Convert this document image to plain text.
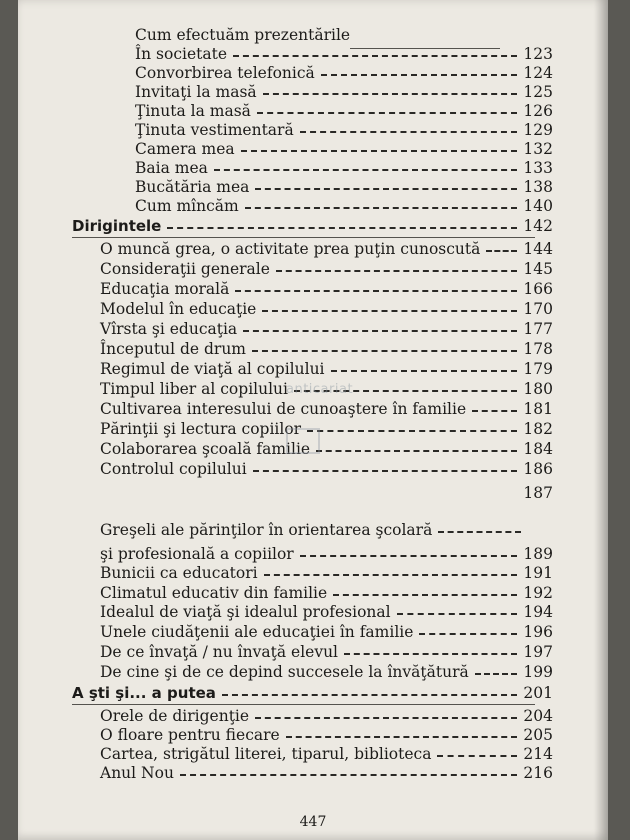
Cum efectuăm prezentările
În societate	123
Convorbirea telefonică	124
Invitaţi la masă	125
Ţinuta la masă	126
Ţinuta vestimentară	129
Camera mea	132
Baia mea	133
Bucătăria mea	138
Cum mîncăm	140
Dirigintele	142
O muncă grea, o activitate prea puţin cunoscută	144
Consideraţii generale	145
Educaţia morală	166
Modelul în educaţie	170
Vîrsta şi educaţia	177
Începutul de drum	178
Regimul de viaţă al copilului	179
Timpul liber al copilului	180
Cultivarea interesului de cunoaştere în familie	181
Părinţii şi lectura copiilor	182
Colaborarea şcoală familie	184
Controlul copilului	186
187
Greşeli ale părinţilor în orientarea şcolară
şi profesională a copiilor	189
Bunicii ca educatori	191
Climatul educativ din familie	192
Idealul de viaţă şi idealul profesional	194
Unele ciudăţenii ale educaţiei în familie	196
De ce învaţă / nu învaţă elevul	197
De cine şi de ce depind succesele la învăţătură	199
A şti şi... a putea	201
Orele de dirigenţie	204
O floare pentru fiecare	205
Cartea, strigătul literei, tiparul, biblioteca	214
Anul Nou	216
anticariat
447
